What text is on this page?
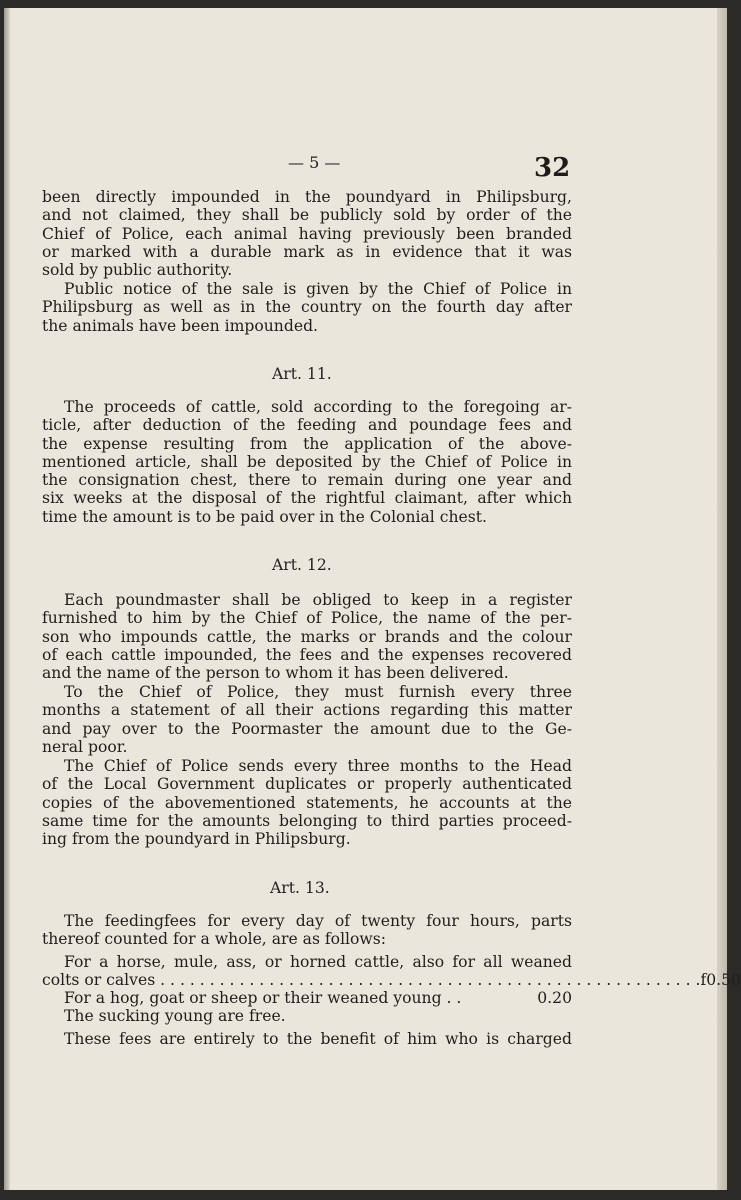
— 5 —	32
been directly impounded in the poundyard in Philipsburg,
and not claimed, they shall be publicly sold by order of the
Chief of Police, each animal having previously been branded
or marked with a durable mark as in evidence that it was
sold by public authority.
Public notice of the sale is given by the Chief of Police in
Philipsburg as well as in the country on the fourth day after
the animals have been impounded.
Art. 11.
The proceeds of cattle, sold according to the foregoing ar-
ticle, after deduction of the feeding and poundage fees and
the expense resulting from the application of the above-
mentioned article, shall be deposited by the Chief of Police in
the consignation chest, there to remain during one year and
six weeks at the disposal of the rightful claimant, after which
time the amount is to be paid over in the Colonial chest.
Art. 12.
Each poundmaster shall be obliged to keep in a register
furnished to him by the Chief of Police, the name of the per-
son who impounds cattle, the marks or brands and the colour
of each cattle impounded, the fees and the expenses recovered
and the name of the person to whom it has been delivered.
To the Chief of Police, they must furnish every three
months a statement of all their actions regarding this matter
and pay over to the Poormaster the amount due to the Ge-
neral poor.
The Chief of Police sends every three months to the Head
of the Local Government duplicates or properly authenticated
copies of the abovementioned statements, he accounts at the
same time for the amounts belonging to third parties proceed-
ing from the poundyard in Philipsburg.
Art. 13.
The feedingfees for every day of twenty four hours, parts
thereof counted for a whole, are as follows:
For a horse, mule, ass, or horned cattle, also for all weaned
colts or calves . . . . . . . . . . . . . . . . . . . . . . . . . . . . . . . . . . . . . . . . . . . . . . . . . . . . . . . f 0.50
For a hog, goat or sheep or their weaned young . .	0.20
The sucking young are free.
These fees are entirely to the benefit of him who is charged
